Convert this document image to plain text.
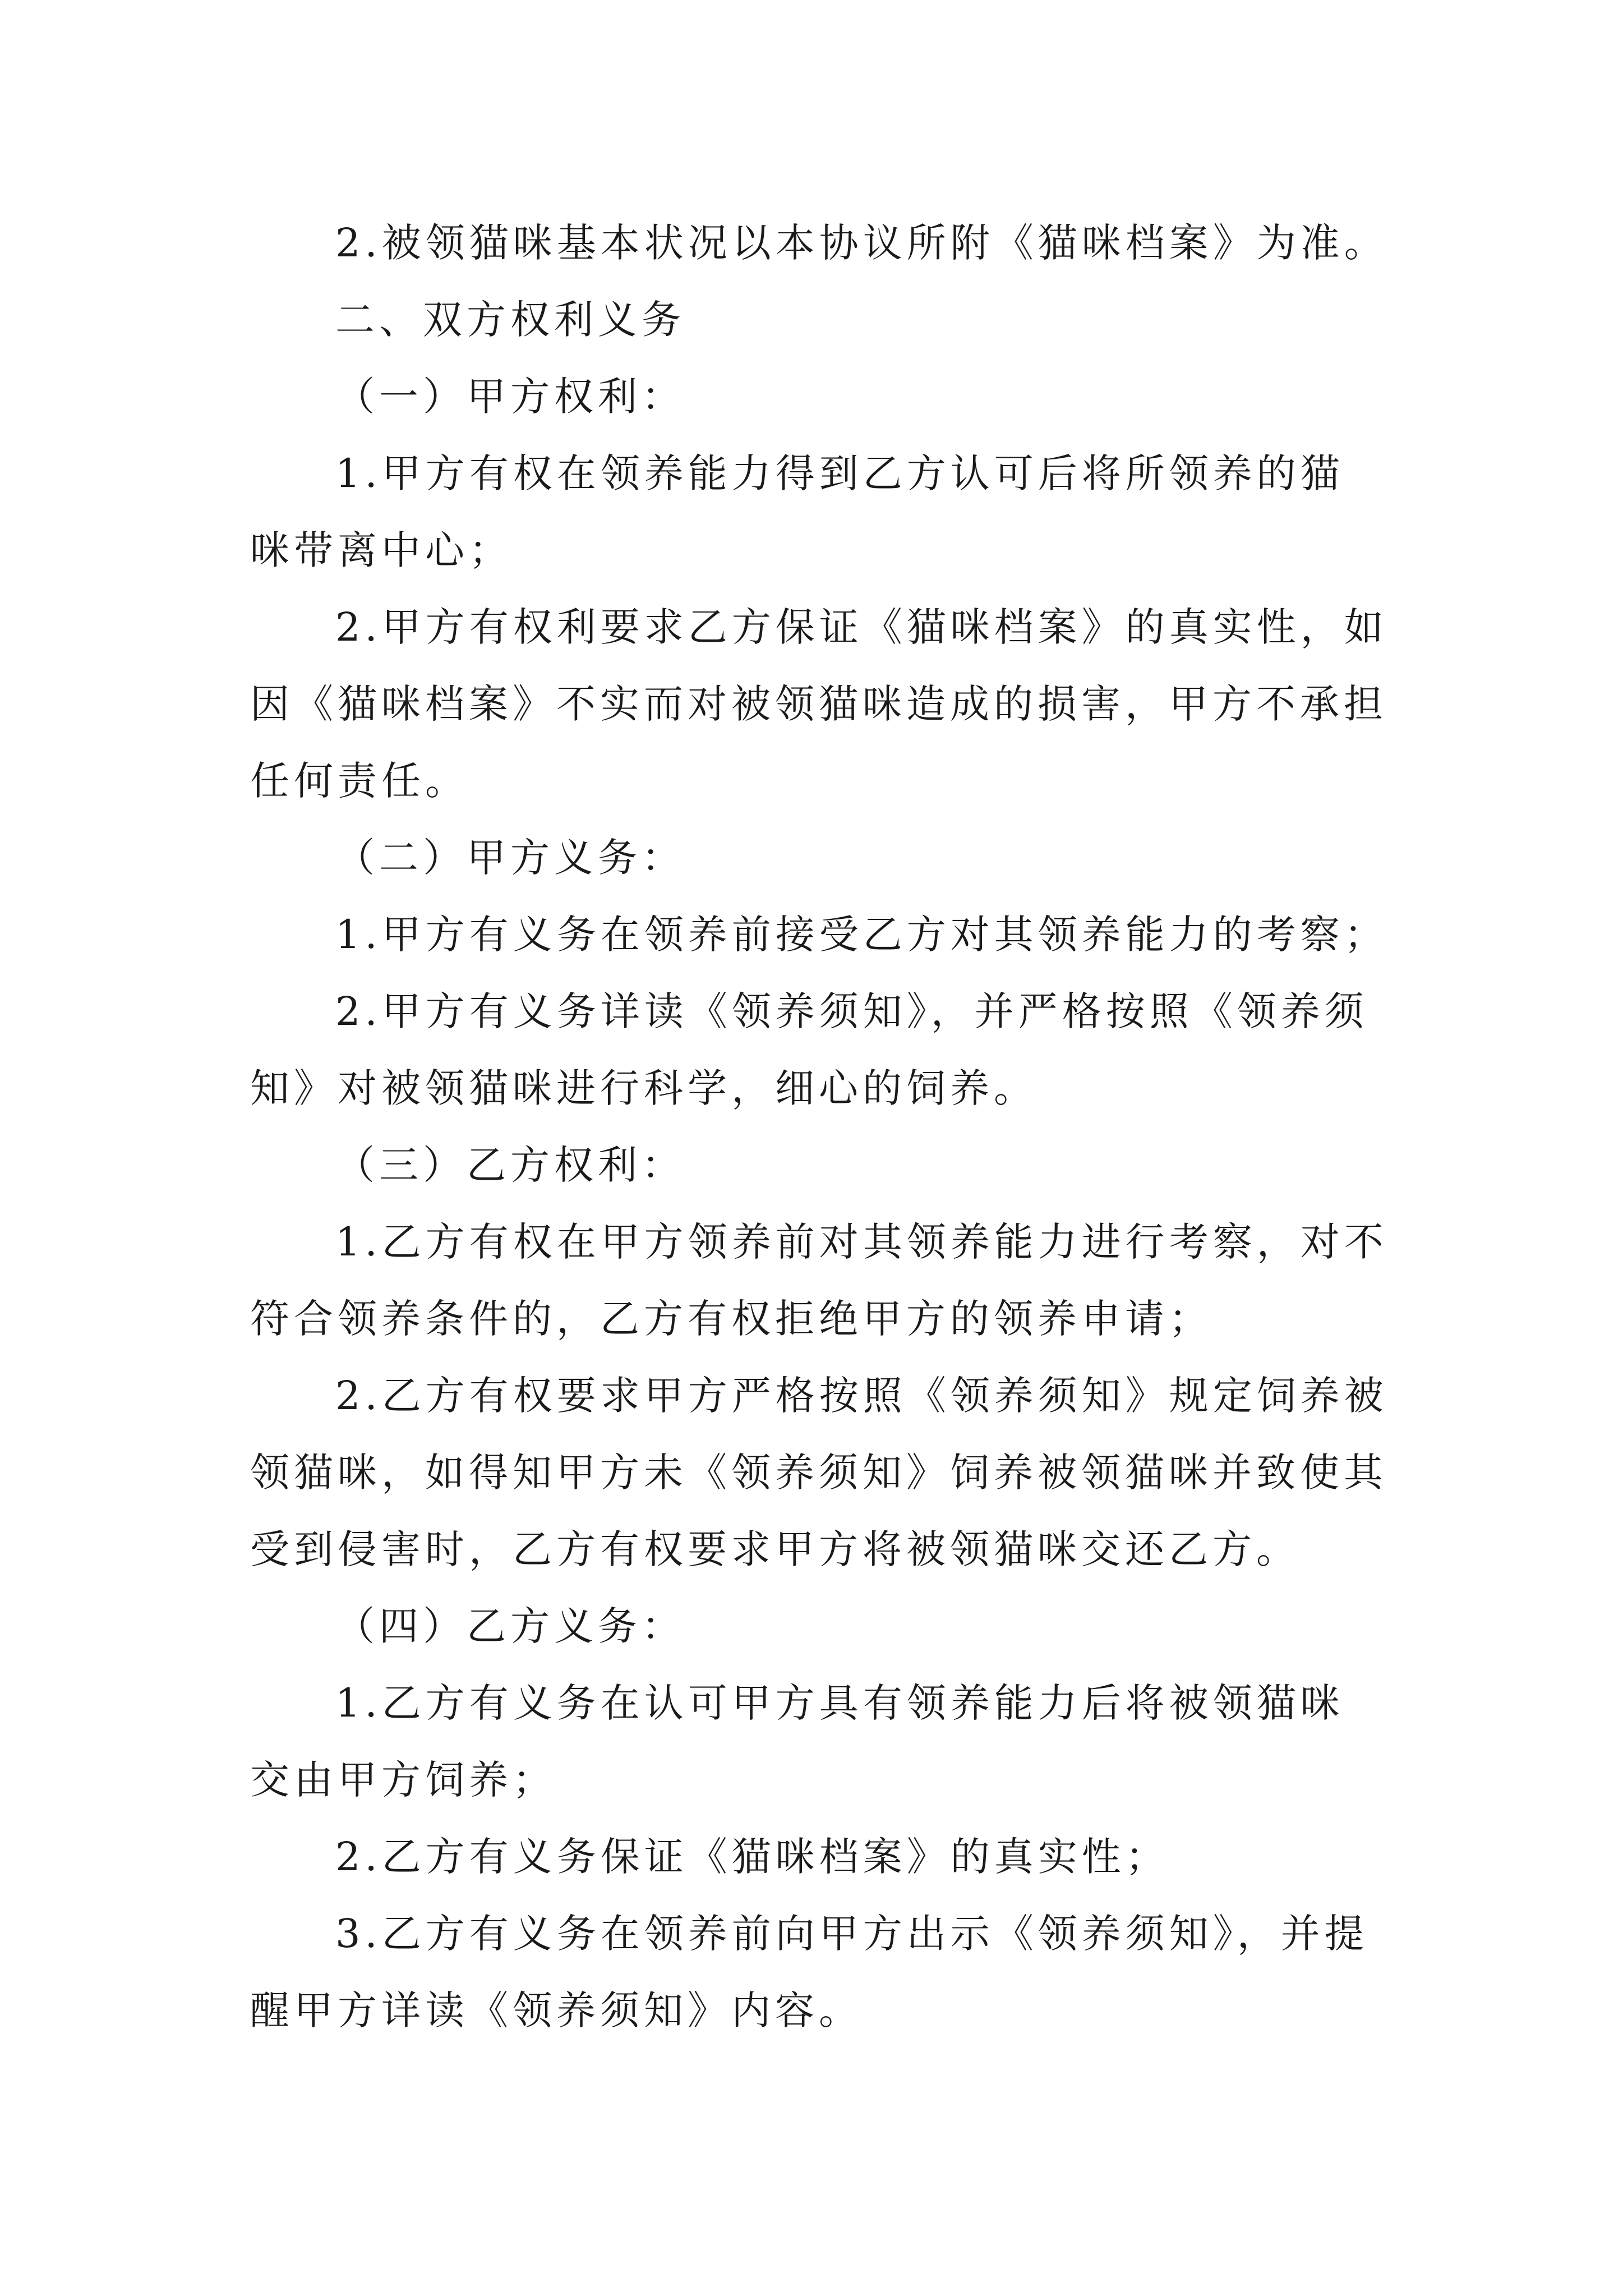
2.被领猫咪基本状况以本协议所附《猫咪档案》为准。
二、双方权利义务
（一）甲方权利：
1.甲方有权在领养能力得到乙方认可后将所领养的猫
咪带离中心；
2.甲方有权利要求乙方保证《猫咪档案》的真实性，如
因《猫咪档案》不实而对被领猫咪造成的损害，甲方不承担
任何责任。
（二）甲方义务：
1.甲方有义务在领养前接受乙方对其领养能力的考察；
2.甲方有义务详读《领养须知》，并严格按照《领养须
知》对被领猫咪进行科学，细心的饲养。
（三）乙方权利：
1.乙方有权在甲方领养前对其领养能力进行考察，对不
符合领养条件的，乙方有权拒绝甲方的领养申请；
2.乙方有权要求甲方严格按照《领养须知》规定饲养被
领猫咪，如得知甲方未《领养须知》饲养被领猫咪并致使其
受到侵害时，乙方有权要求甲方将被领猫咪交还乙方。
（四）乙方义务：
1.乙方有义务在认可甲方具有领养能力后将被领猫咪
交由甲方饲养；
2.乙方有义务保证《猫咪档案》的真实性；
3.乙方有义务在领养前向甲方出示《领养须知》，并提
醒甲方详读《领养须知》内容。
